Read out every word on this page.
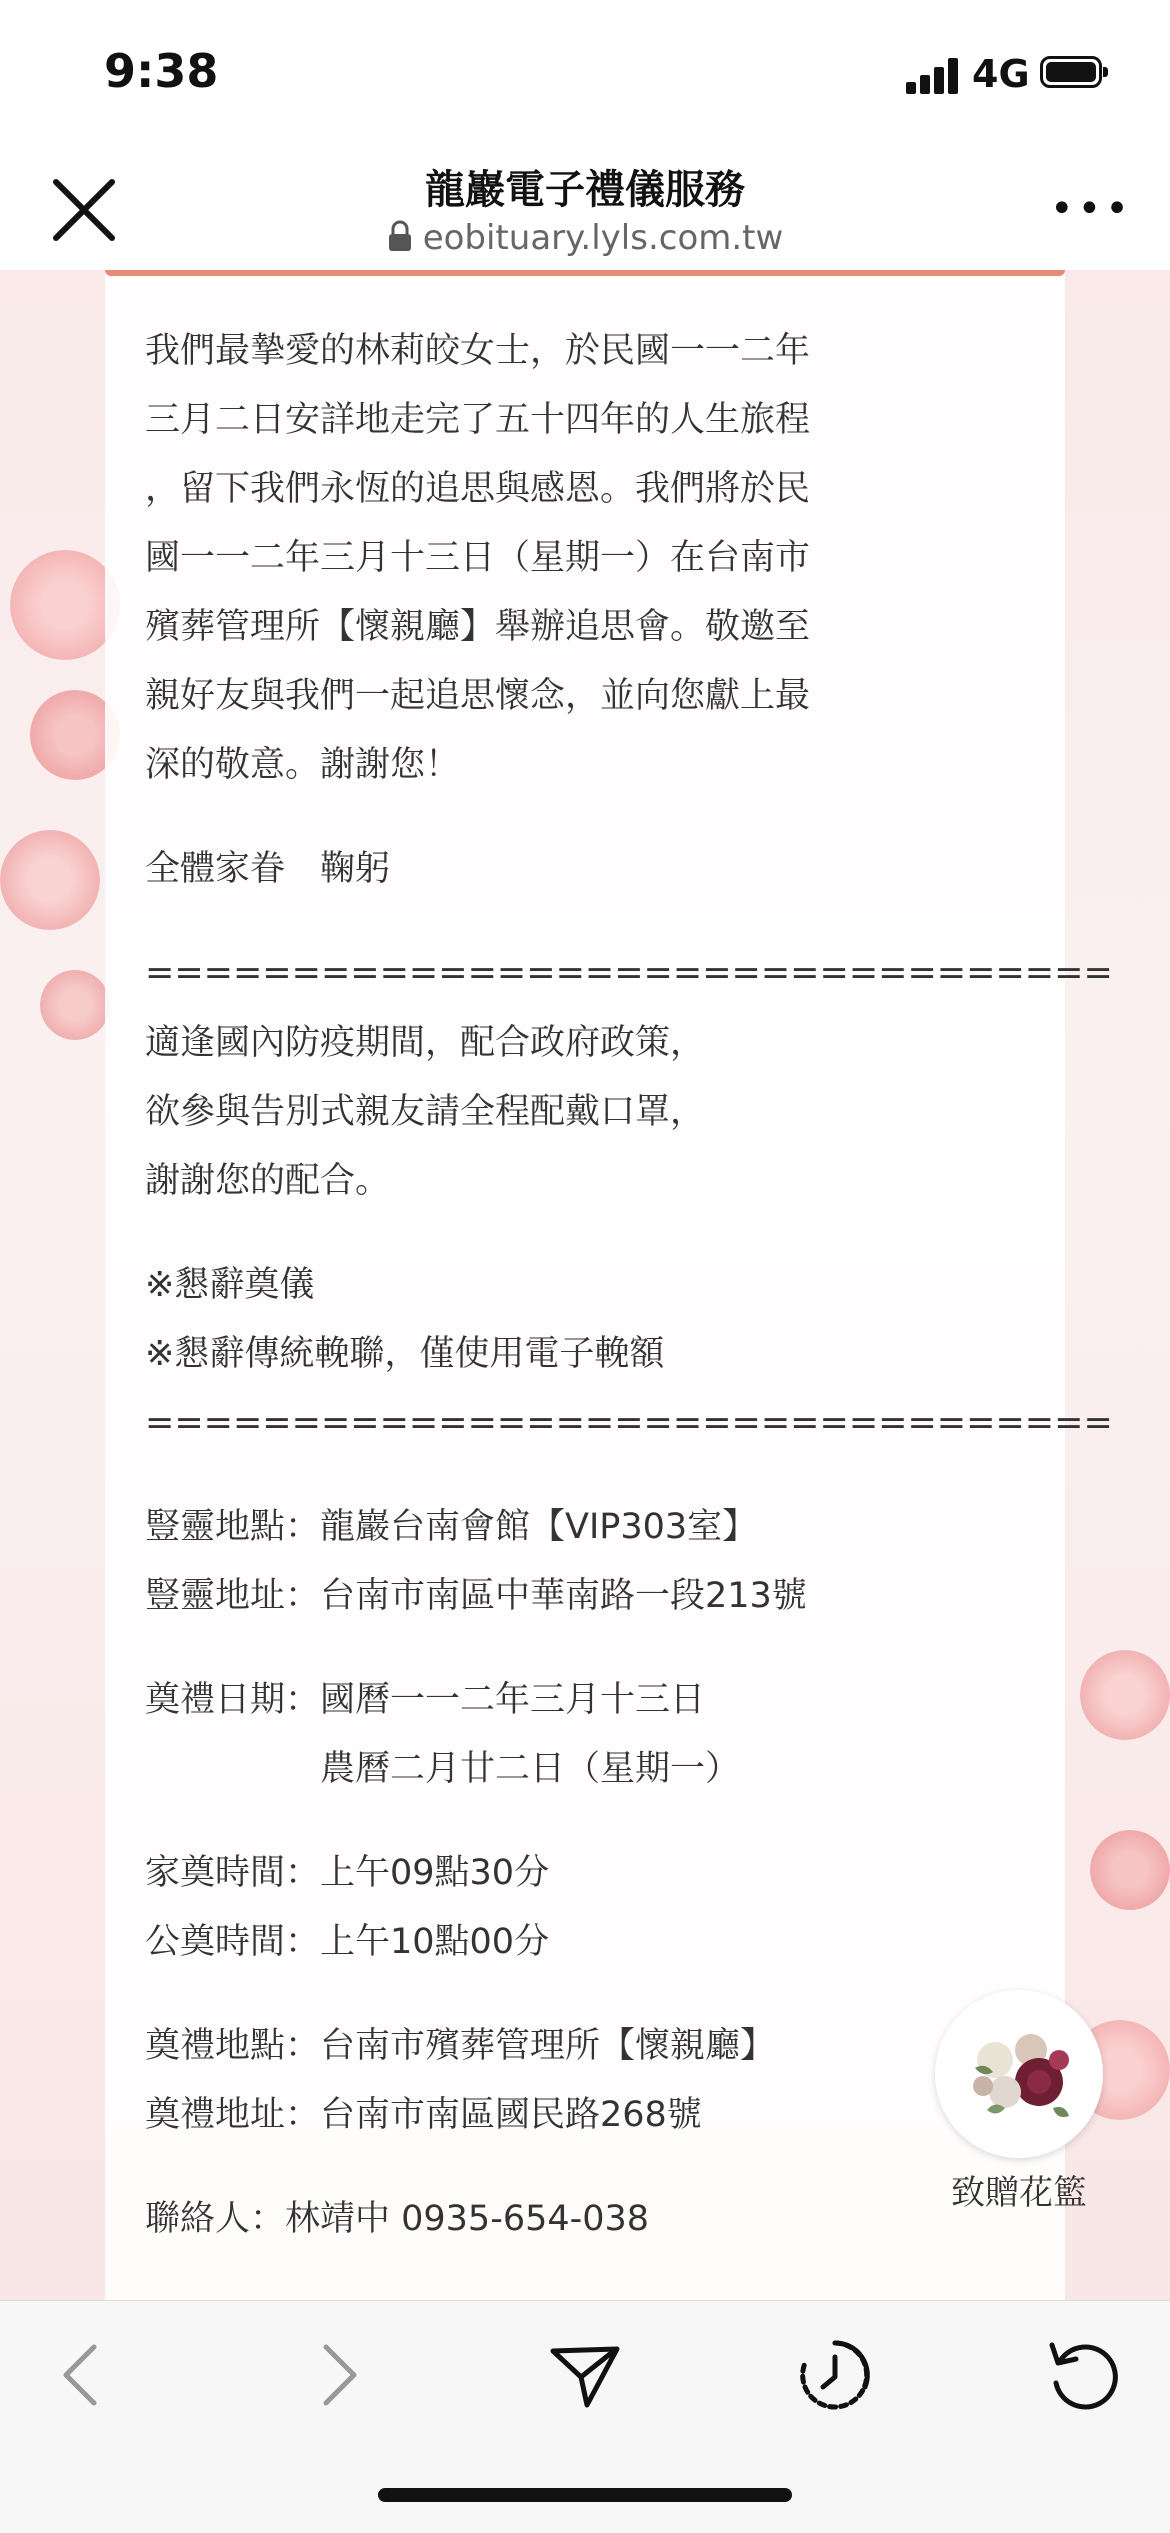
9:38	4G
龍巖電子禮儀服務
eobituary.lyls.com.tw
•••
我們最摯愛的林莉皎女士，於民國一一二年
三月二日安詳地走完了五十四年的人生旅程
，留下我們永恆的追思與感恩。我們將於民
國一一二年三月十三日（星期一）在台南市
殯葬管理所【懷親廳】舉辦追思會。敬邀至
親好友與我們一起追思懷念，並向您獻上最
深的敬意。謝謝您！
全體家眷　鞠躬
=================================
適逢國內防疫期間，配合政府政策，
欲參與告別式親友請全程配戴口罩，
謝謝您的配合。
※懇辭奠儀
※懇辭傳統輓聯，僅使用電子輓額
=================================
豎靈地點：龍巖台南會館【VIP303室】
豎靈地址：台南市南區中華南路一段213號
奠禮日期：國曆一一二年三月十三日
　　　　　農曆二月廿二日（星期一）
家奠時間：上午09點30分
公奠時間：上午10點00分
奠禮地點：台南市殯葬管理所【懷親廳】
奠禮地址：台南市南區國民路268號
聯絡人：林靖中 0935-654-038
致贈花籃
